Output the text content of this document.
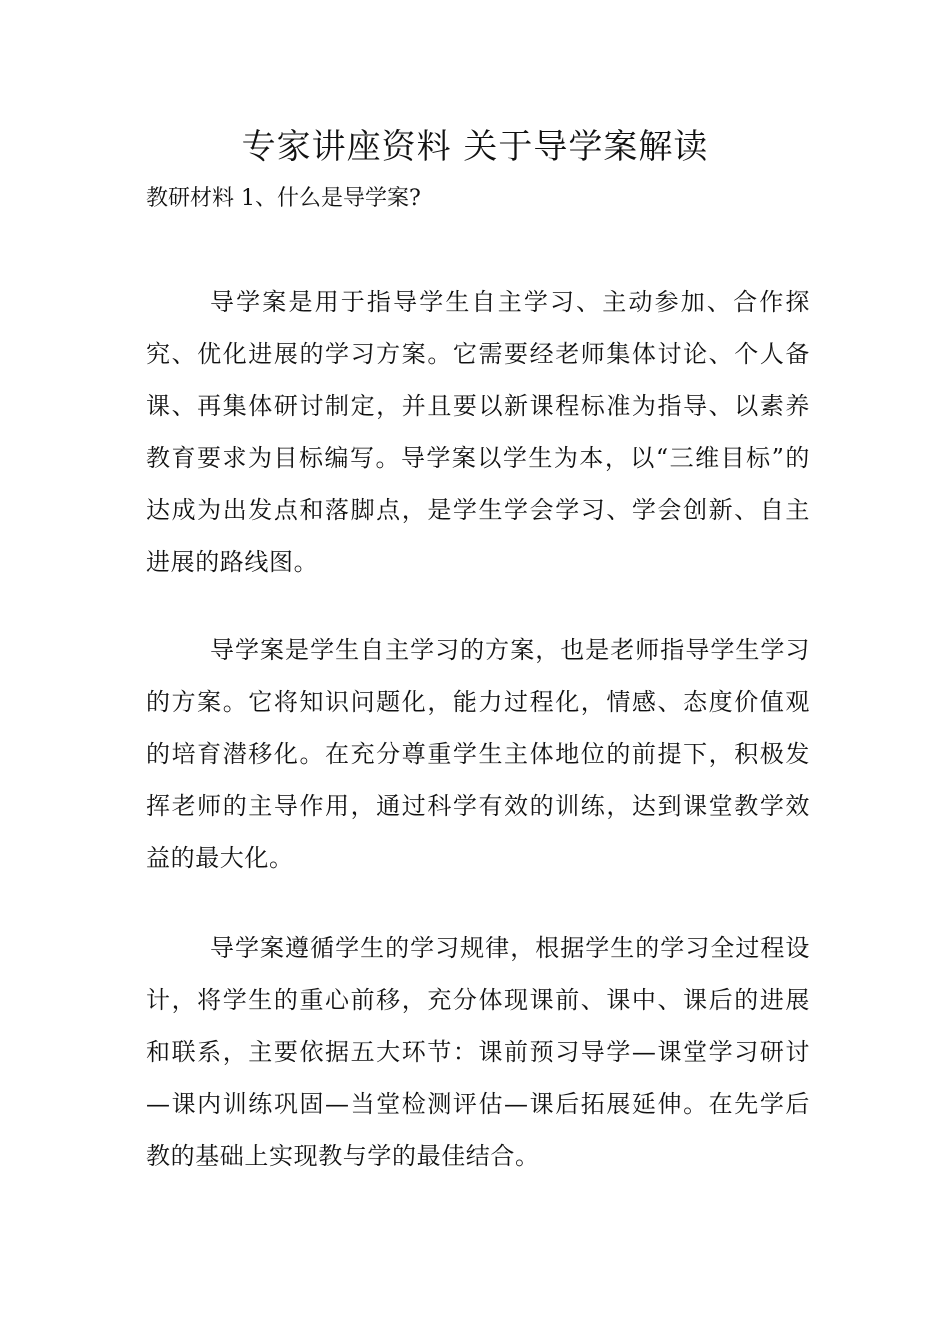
专家讲座资料 关于导学案解读

教研材料 1、什么是导学案?

导学案是用于指导学生自主学习、主动参加、合作探究、优化进展的学习方案。它需要经老师集体讨论、个人备课、再集体研讨制定，并且要以新课程标准为指导、以素养教育要求为目标编写。导学案以学生为本，以“三维目标”的达成为出发点和落脚点，是学生学会学习、学会创新、自主进展的路线图。

导学案是学生自主学习的方案，也是老师指导学生学习的方案。它将知识问题化，能力过程化，情感、态度价值观的培育潜移化。在充分尊重学生主体地位的前提下，积极发挥老师的主导作用，通过科学有效的训练，达到课堂教学效益的最大化。

导学案遵循学生的学习规律，根据学生的学习全过程设计，将学生的重心前移，充分体现课前、课中、课后的进展和联系，主要依据五大环节：课前预习导学—课堂学习研讨—课内训练巩固—当堂检测评估—课后拓展延伸。在先学后教的基础上实现教与学的最佳结合。
